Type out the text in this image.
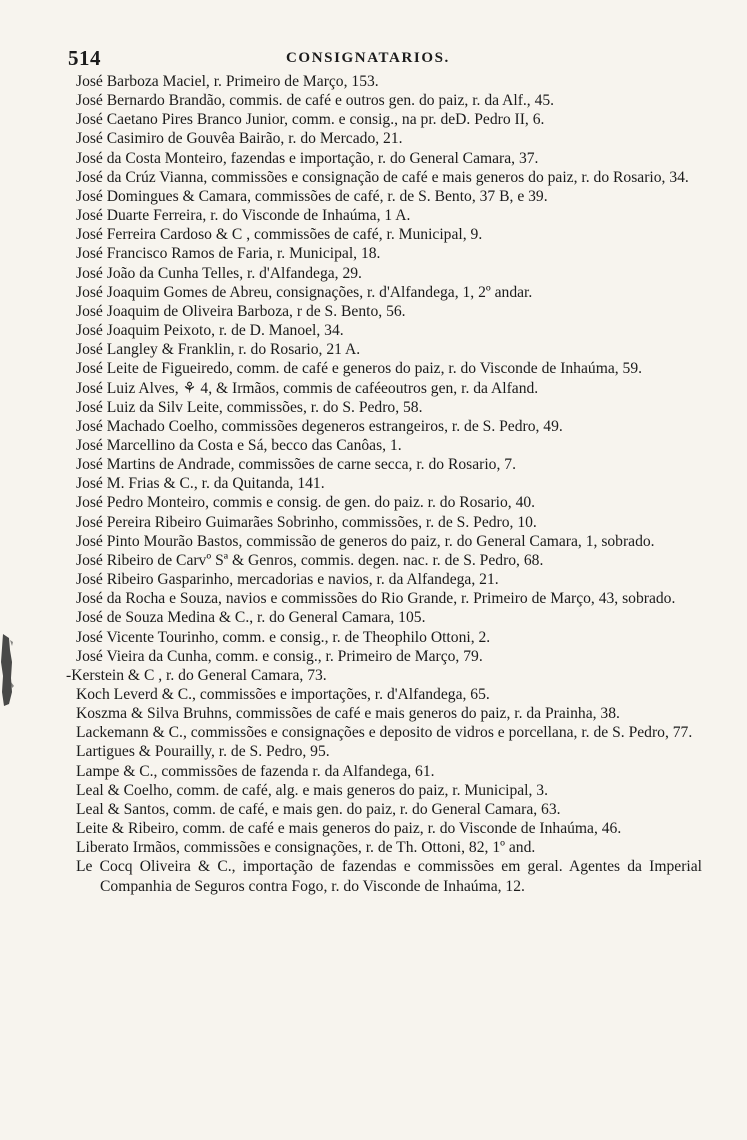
514	CONSIGNATARIOS.
José Barboza Maciel, r. Primeiro de Março, 153.
José Bernardo Brandão, commis. de café e outros gen. do paiz, r. da Alf., 45.
José Caetano Pires Branco Junior, comm. e consig., na pr. deD. Pedro II, 6.
José Casimiro de Gouvêa Bairão, r. do Mercado, 21.
José da Costa Monteiro, fazendas e importação, r. do General Camara, 37.
José da Crúz Vianna, commissões e consignação de café e mais generos do paiz, r. do Rosario, 34.
José Domingues & Camara, commissões de café, r. de S. Bento, 37 B, e 39.
José Duarte Ferreira, r. do Visconde de Inhaúma, 1 A.
José Ferreira Cardoso & C , commissões de café, r. Municipal, 9.
José Francisco Ramos de Faria, r. Municipal, 18.
José João da Cunha Telles, r. d'Alfandega, 29.
José Joaquim Gomes de Abreu, consignações, r. d'Alfandega, 1, 2º andar.
José Joaquim de Oliveira Barboza, r de S. Bento, 56.
José Joaquim Peixoto, r. de D. Manoel, 34.
José Langley & Franklin, r. do Rosario, 21 A.
José Leite de Figueiredo, comm. de café e generos do paiz, r. do Visconde de Inhaúma, 59.
José Luiz Alves, ⚘ 4, & Irmãos, commis de caféeoutros gen, r. da Alfand.
José Luiz da Silv Leite, commissões, r. do S. Pedro, 58.
José Machado Coelho, commissões degeneros estrangeiros, r. de S. Pedro, 49.
José Marcellino da Costa e Sá, becco das Canôas, 1.
José Martins de Andrade, commissões de carne secca, r. do Rosario, 7.
José M. Frias & C., r. da Quitanda, 141.
José Pedro Monteiro, commis e consig. de gen. do paiz. r. do Rosario, 40.
José Pereira Ribeiro Guimarães Sobrinho, commissões, r. de S. Pedro, 10.
José Pinto Mourão Bastos, commissão de generos do paiz, r. do General Camara, 1, sobrado.
José Ribeiro de Carvº Sª & Genros, commis. degen. nac. r. de S. Pedro, 68.
José Ribeiro Gasparinho, mercadorias e navios, r. da Alfandega, 21.
José da Rocha e Souza, navios e commissões do Rio Grande, r. Primeiro de Março, 43, sobrado.
José de Souza Medina & C., r. do General Camara, 105.
José Vicente Tourinho, comm. e consig., r. de Theophilo Ottoni, 2.
José Vieira da Cunha, comm. e consig., r. Primeiro de Março, 79.
-Kerstein & C , r. do General Camara, 73.
Koch Leverd & C., commissões e importações, r. d'Alfandega, 65.
Koszma & Silva Bruhns, commissões de café e mais generos do paiz, r. da Prainha, 38.
Lackemann & C., commissões e consignações e deposito de vidros e porcellana, r. de S. Pedro, 77.
Lartigues & Pourailly, r. de S. Pedro, 95.
Lampe & C., commissões de fazenda r. da Alfandega, 61.
Leal & Coelho, comm. de café, alg. e mais generos do paiz, r. Municipal, 3.
Leal & Santos, comm. de café, e mais gen. do paiz, r. do General Camara, 63.
Leite & Ribeiro, comm. de café e mais generos do paiz, r. do Visconde de Inhaúma, 46.
Liberato Irmãos, commissões e consignações, r. de Th. Ottoni, 82, 1º and.
Le Cocq Oliveira & C., importação de fazendas e commissões em geral. Agentes da Imperial Companhia de Seguros contra Fogo, r. do Visconde de Inhaúma, 12.
